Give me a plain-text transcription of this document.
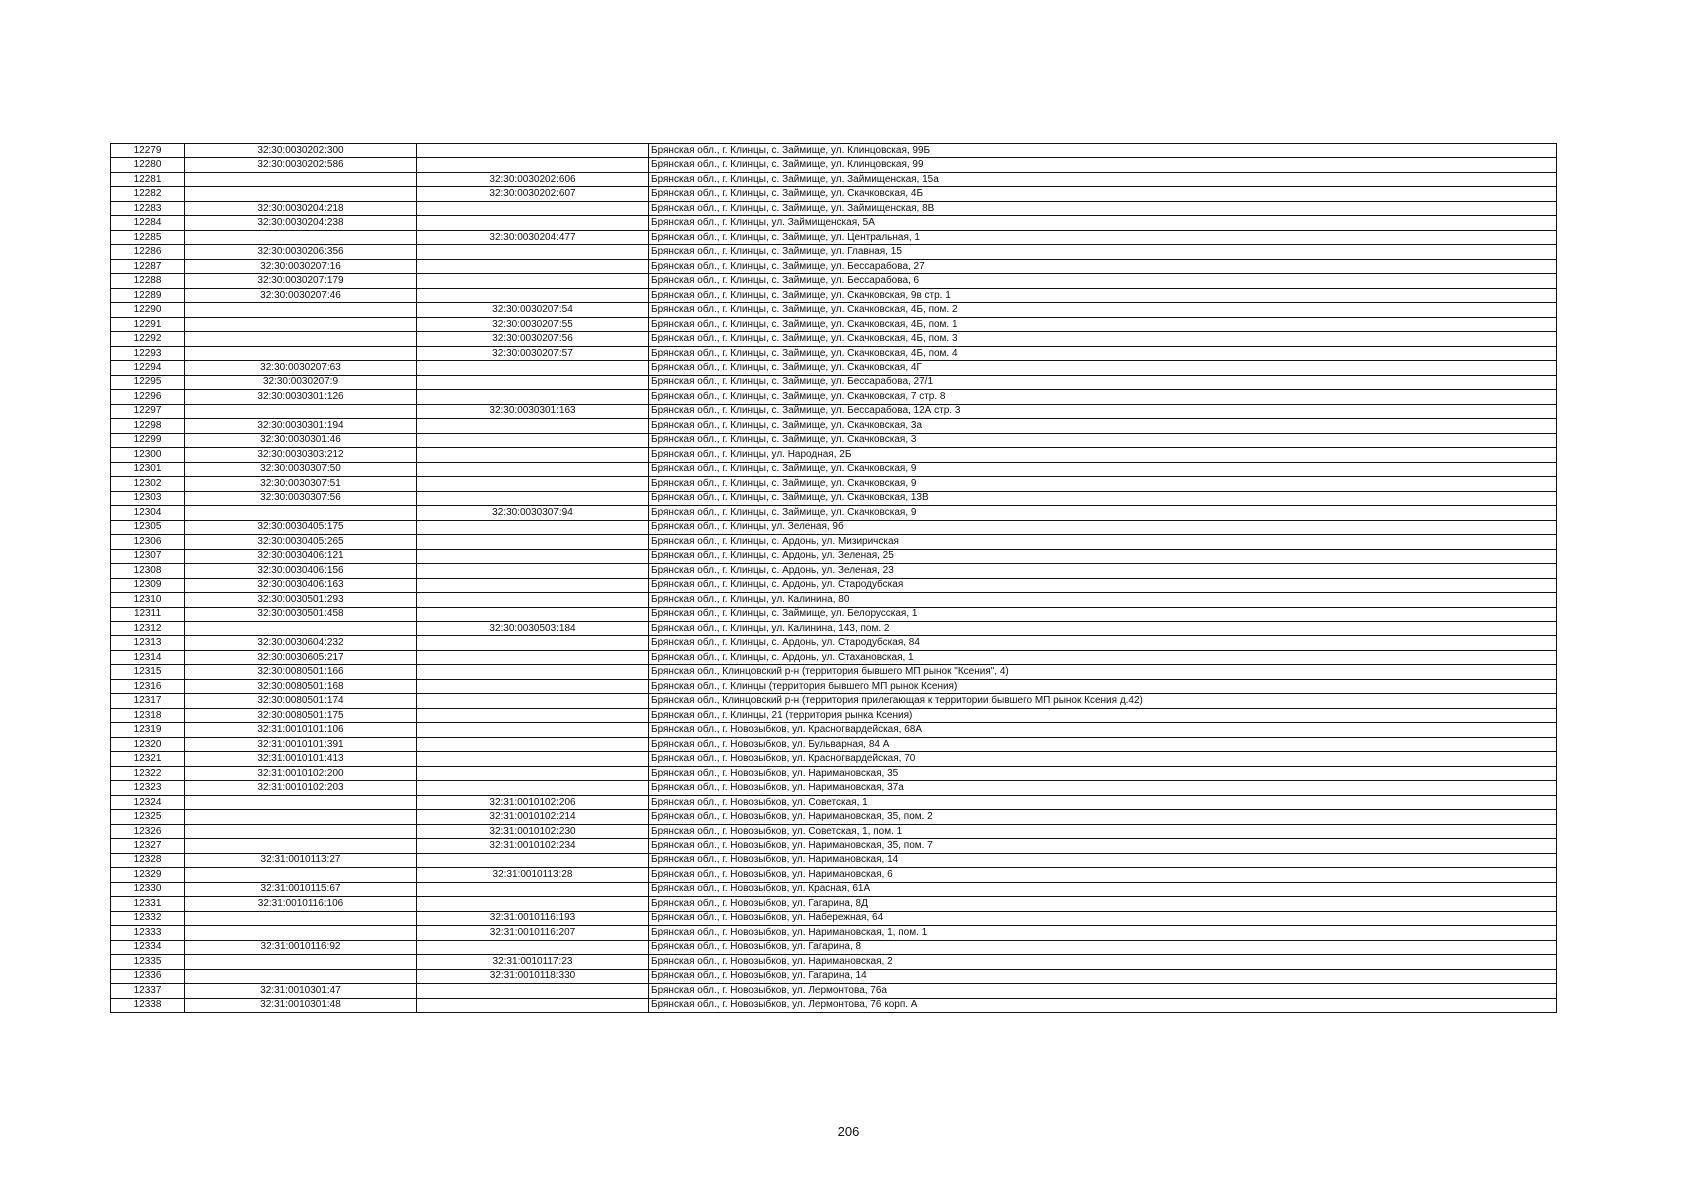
12279	32:30:0030202:300		Брянская обл., г. Клинцы, с. Займище, ул. Клинцовская, 99Б
12280	32:30:0030202:586		Брянская обл., г. Клинцы, с. Займище, ул. Клинцовская, 99
12281		32:30:0030202:606	Брянская обл., г. Клинцы, с. Займище, ул. Займищенская, 15а
12282		32:30:0030202:607	Брянская обл., г. Клинцы, с. Займище, ул. Скачковская, 4Б
12283	32:30:0030204:218		Брянская обл., г. Клинцы, с. Займище, ул. Займищенская, 8В
12284	32:30:0030204:238		Брянская обл., г. Клинцы, ул. Займищенская, 5А
12285		32:30:0030204:477	Брянская обл., г. Клинцы, с. Займище, ул. Центральная, 1
12286	32:30:0030206:356		Брянская обл., г. Клинцы, с. Займище, ул. Главная, 15
12287	32:30:0030207:16		Брянская обл., г. Клинцы, с. Займище, ул. Бессарабова, 27
12288	32:30:0030207:179		Брянская обл., г. Клинцы, с. Займище, ул. Бессарабова, 6
12289	32:30:0030207:46		Брянская обл., г. Клинцы, с. Займище, ул. Скачковская, 9в стр. 1
12290		32:30:0030207:54	Брянская обл., г. Клинцы, с. Займище, ул. Скачковская, 4Б, пом. 2
12291		32:30:0030207:55	Брянская обл., г. Клинцы, с. Займище, ул. Скачковская, 4Б, пом. 1
12292		32:30:0030207:56	Брянская обл., г. Клинцы, с. Займище, ул. Скачковская, 4Б, пом. 3
12293		32:30:0030207:57	Брянская обл., г. Клинцы, с. Займище, ул. Скачковская, 4Б, пом. 4
12294	32:30:0030207:63		Брянская обл., г. Клинцы, с. Займище, ул. Скачковская, 4Г
12295	32:30:0030207:9		Брянская обл., г. Клинцы, с. Займище, ул. Бессарабова, 27/1
12296	32:30:0030301:126		Брянская обл., г. Клинцы, с. Займище, ул. Скачковская, 7 стр. 8
12297		32:30:0030301:163	Брянская обл., г. Клинцы, с. Займище, ул. Бессарабова, 12А стр. 3
12298	32:30:0030301:194		Брянская обл., г. Клинцы, с. Займище, ул. Скачковская, 3а
12299	32:30:0030301:46		Брянская обл., г. Клинцы, с. Займище, ул. Скачковская, 3
12300	32:30:0030303:212		Брянская обл., г. Клинцы, ул. Народная, 2Б
12301	32:30:0030307:50		Брянская обл., г. Клинцы, с. Займище, ул. Скачковская, 9
12302	32:30:0030307:51		Брянская обл., г. Клинцы, с. Займище, ул. Скачковская, 9
12303	32:30:0030307:56		Брянская обл., г. Клинцы, с. Займище, ул. Скачковская, 13В
12304		32:30:0030307:94	Брянская обл., г. Клинцы, с. Займище, ул. Скачковская, 9
12305	32:30:0030405:175		Брянская обл., г. Клинцы, ул. Зеленая, 9б
12306	32:30:0030405:265		Брянская обл., г. Клинцы, с. Ардонь, ул. Мизиричская
12307	32:30:0030406:121		Брянская обл., г. Клинцы, с. Ардонь, ул. Зеленая, 25
12308	32:30:0030406:156		Брянская обл., г. Клинцы, с. Ардонь, ул. Зеленая, 23
12309	32:30:0030406:163		Брянская обл., г. Клинцы, с. Ардонь, ул. Стародубская
12310	32:30:0030501:293		Брянская обл., г. Клинцы, ул. Калинина, 80
12311	32:30:0030501:458		Брянская обл., г. Клинцы, с. Займище, ул. Белорусская, 1
12312		32:30:0030503:184	Брянская обл., г. Клинцы, ул. Калинина, 143, пом. 2
12313	32:30:0030604:232		Брянская обл., г. Клинцы, с. Ардонь, ул. Стародубская, 84
12314	32:30:0030605:217		Брянская обл., г. Клинцы, с. Ардонь, ул. Стахановская, 1
12315	32:30:0080501:166		Брянская обл., Клинцовский р-н (территория бывшего МП рынок "Ксения", 4)
12316	32:30:0080501:168		Брянская обл., г. Клинцы (территория бывшего МП рынок Ксения)
12317	32:30:0080501:174		Брянская обл., Клинцовский р-н (территория прилегающая к территории бывшего МП рынок Ксения д.42)
12318	32:30:0080501:175		Брянская обл., г. Клинцы, 21 (территория рынка Ксения)
12319	32:31:0010101:106		Брянская обл., г. Новозыбков, ул. Красногвардейская, 68А
12320	32:31:0010101:391		Брянская обл., г. Новозыбков, ул. Бульварная, 84 А
12321	32:31:0010101:413		Брянская обл., г. Новозыбков, ул. Красногвардейская, 70
12322	32:31:0010102:200		Брянская обл., г. Новозыбков, ул. Наримановская, 35
12323	32:31:0010102:203		Брянская обл., г. Новозыбков, ул. Наримановская, 37а
12324		32:31:0010102:206	Брянская обл., г. Новозыбков, ул. Советская, 1
12325		32:31:0010102:214	Брянская обл., г. Новозыбков, ул. Наримановская, 35, пом. 2
12326		32:31:0010102:230	Брянская обл., г. Новозыбков, ул. Советская, 1, пом. 1
12327		32:31:0010102:234	Брянская обл., г. Новозыбков, ул. Наримановская, 35, пом. 7
12328	32:31:0010113:27		Брянская обл., г. Новозыбков, ул. Наримановская, 14
12329		32:31:0010113:28	Брянская обл., г. Новозыбков, ул. Наримановская, 6
12330	32:31:0010115:67		Брянская обл., г. Новозыбков, ул. Красная, 61А
12331	32:31:0010116:106		Брянская обл., г. Новозыбков, ул. Гагарина, 8Д
12332		32:31:0010116:193	Брянская обл., г. Новозыбков, ул. Набережная, 64
12333		32:31:0010116:207	Брянская обл., г. Новозыбков, ул. Наримановская, 1, пом. 1
12334	32:31:0010116:92		Брянская обл., г. Новозыбков, ул. Гагарина, 8
12335		32:31:0010117:23	Брянская обл., г. Новозыбков, ул. Наримановская, 2
12336		32:31:0010118:330	Брянская обл., г. Новозыбков, ул. Гагарина, 14
12337	32:31:0010301:47		Брянская обл., г. Новозыбков, ул. Лермонтова, 76а
12338	32:31:0010301:48		Брянская обл., г. Новозыбков, ул. Лермонтова, 76 корп. А
206
